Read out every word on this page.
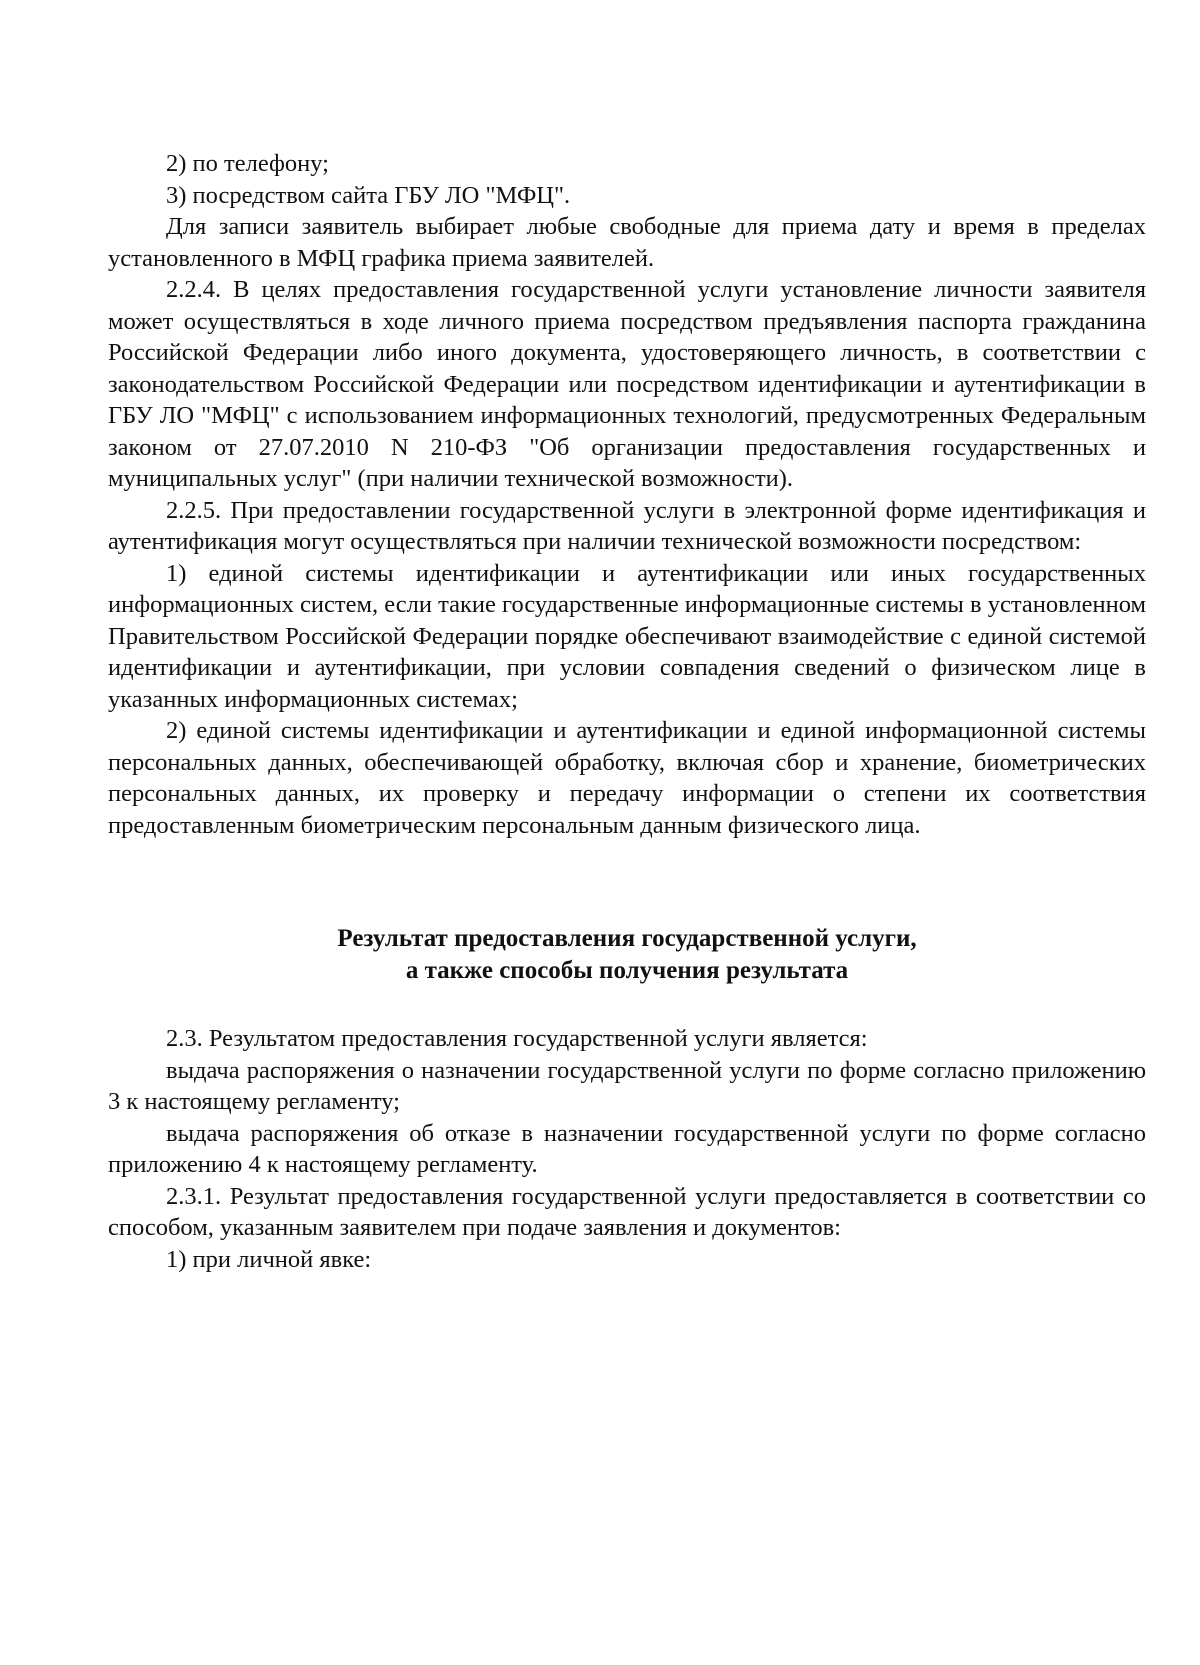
2) по телефону;

3) посредством сайта ГБУ ЛО "МФЦ".

Для записи заявитель выбирает любые свободные для приема дату и время в пределах установленного в МФЦ графика приема заявителей.

2.2.4. В целях предоставления государственной услуги установление личности заявителя может осуществляться в ходе личного приема посредством предъявления паспорта гражданина Российской Федерации либо иного документа, удостоверяющего личность, в соответствии с законодательством Российской Федерации или посредством идентификации и аутентификации в ГБУ ЛО "МФЦ" с использованием информационных технологий, предусмотренных Федеральным законом от 27.07.2010 N 210-ФЗ "Об организации предоставления государственных и муниципальных услуг" (при наличии технической возможности).

2.2.5. При предоставлении государственной услуги в электронной форме идентификация и аутентификация могут осуществляться при наличии технической возможности посредством:

1) единой системы идентификации и аутентификации или иных государственных информационных систем, если такие государственные информационные системы в установленном Правительством Российской Федерации порядке обеспечивают взаимодействие с единой системой идентификации и аутентификации, при условии совпадения сведений о физическом лице в указанных информационных системах;

2) единой системы идентификации и аутентификации и единой информационной системы персональных данных, обеспечивающей обработку, включая сбор и хранение, биометрических персональных данных, их проверку и передачу информации о степени их соответствия предоставленным биометрическим персональным данным физического лица.

Результат предоставления государственной услуги,

а также способы получения результата

2.3. Результатом предоставления государственной услуги является:

выдача распоряжения о назначении государственной услуги по форме согласно приложению 3 к настоящему регламенту;

выдача распоряжения об отказе в назначении государственной услуги по форме согласно приложению 4 к настоящему регламенту.

2.3.1. Результат предоставления государственной услуги предоставляется в соответствии со способом, указанным заявителем при подаче заявления и документов:

1) при личной явке:
